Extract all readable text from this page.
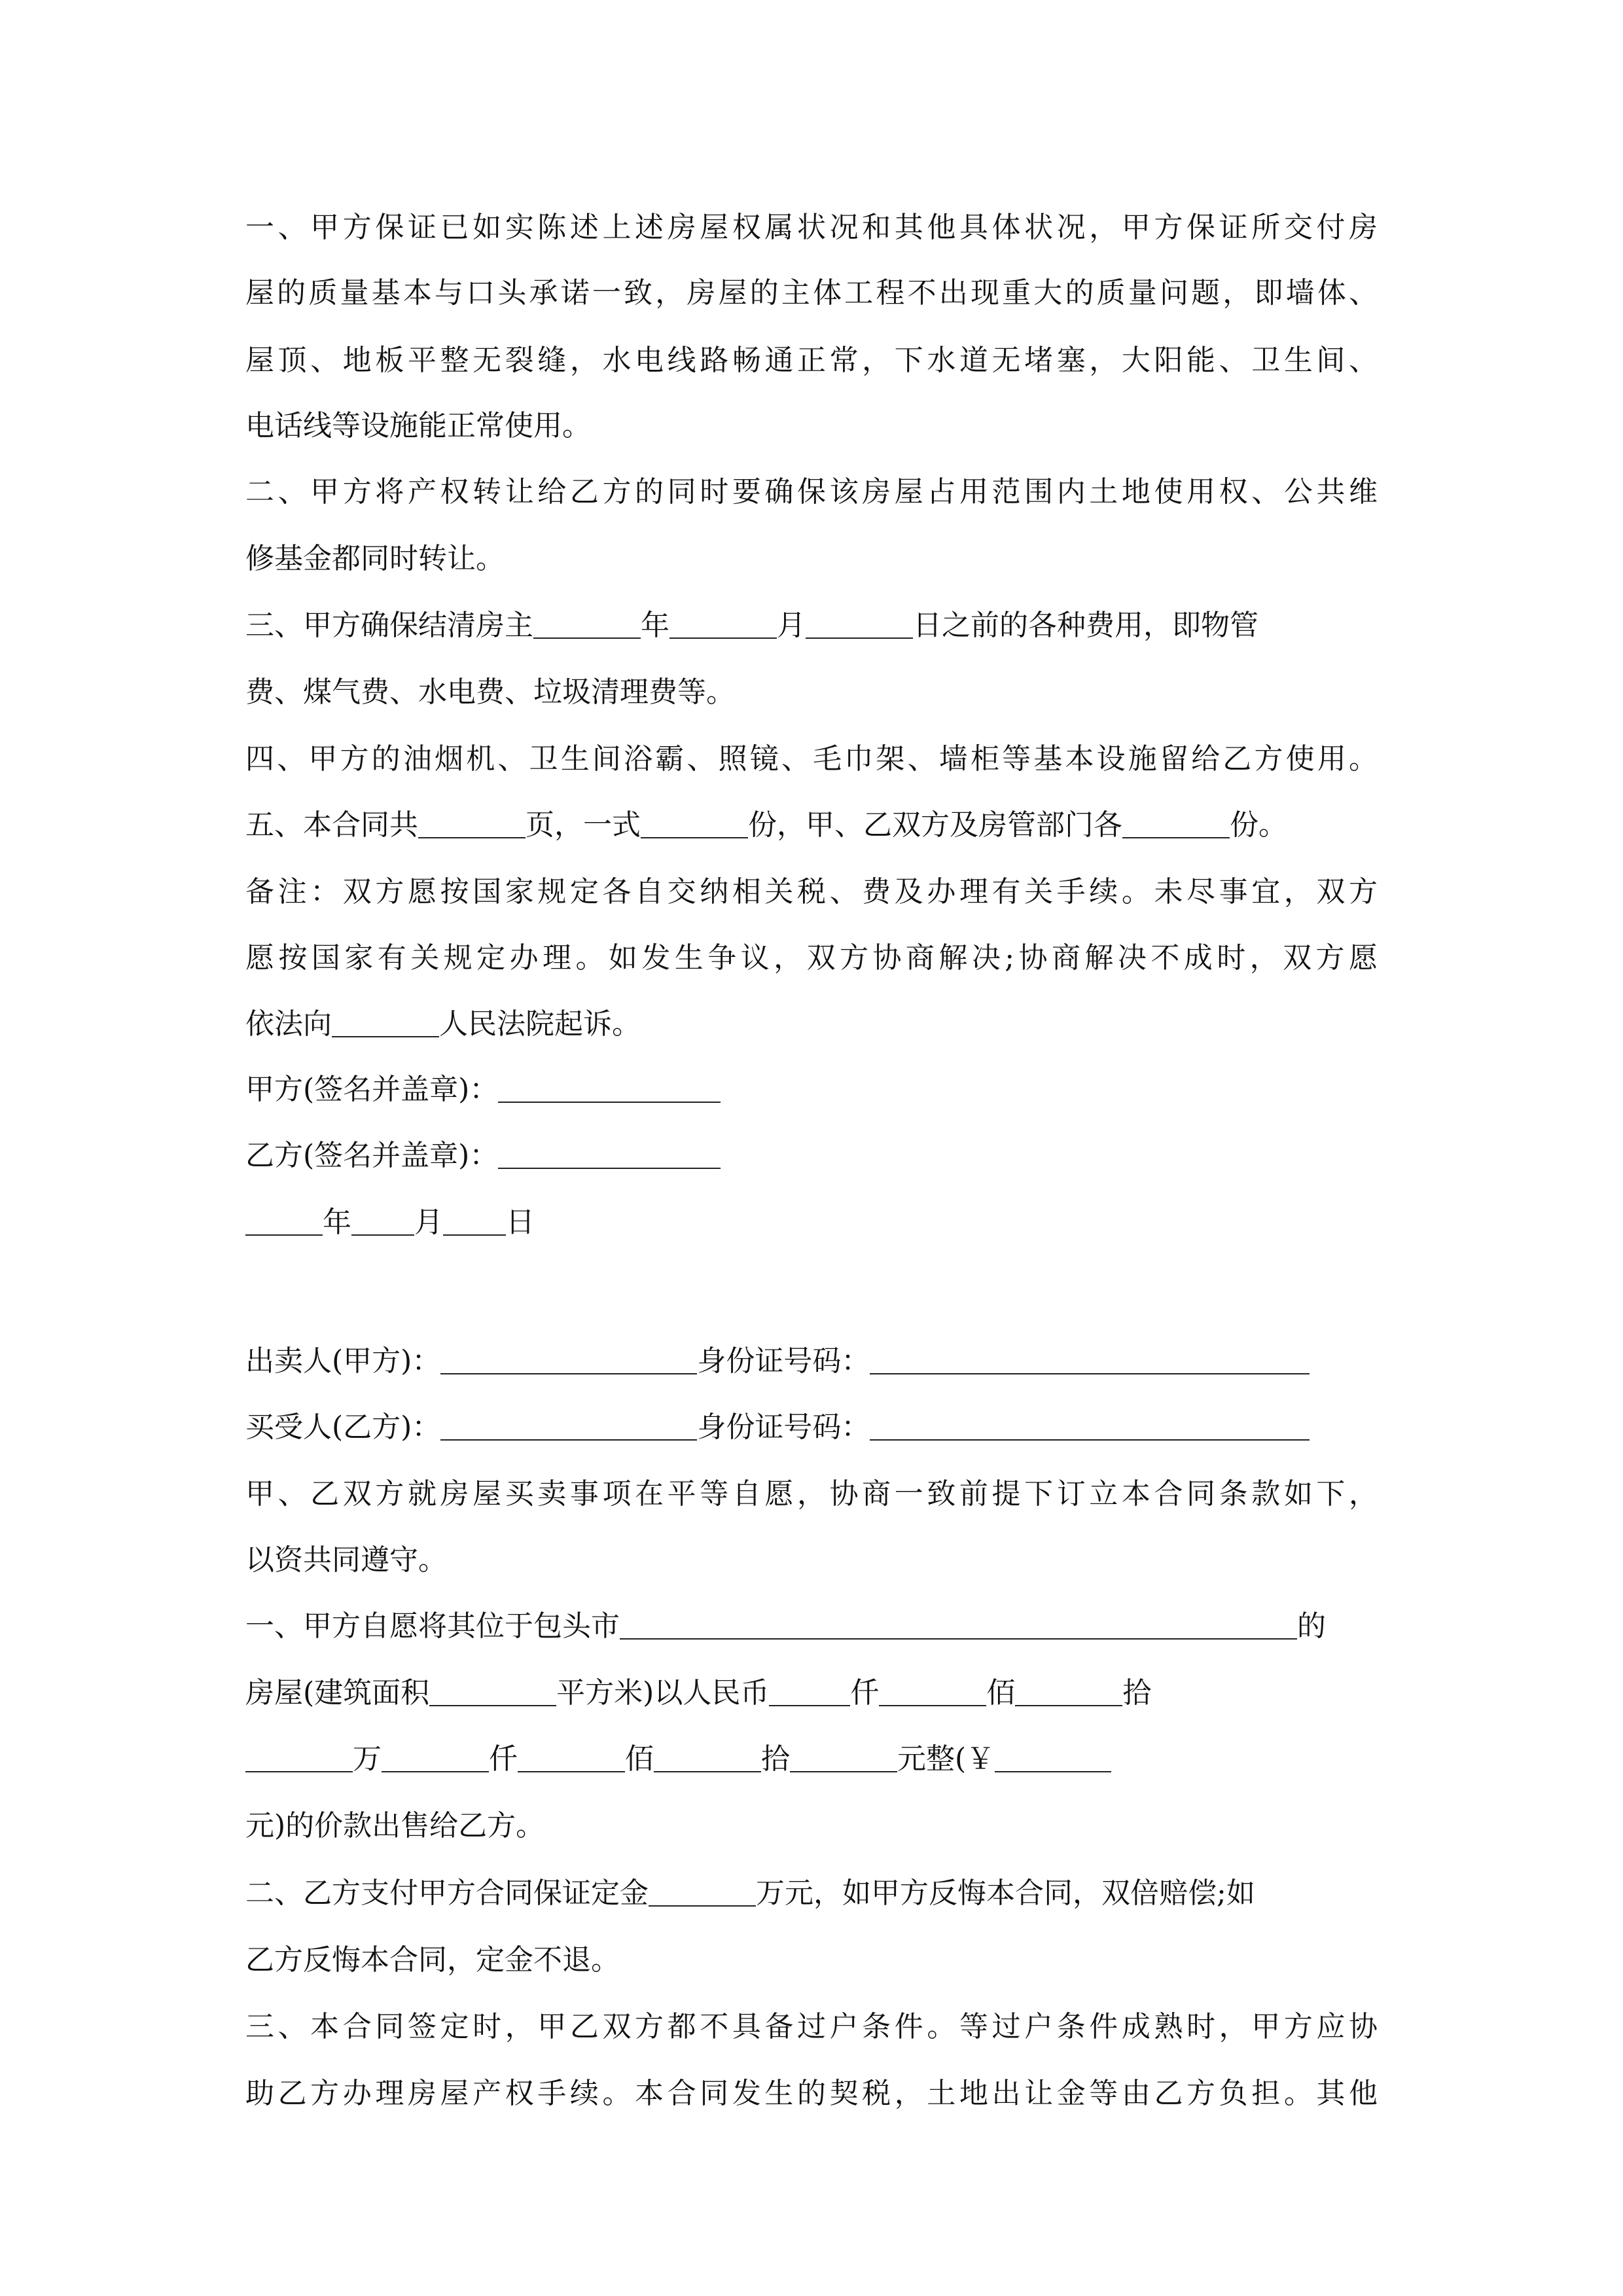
一、甲方保证已如实陈述上述房屋权属状况和其他具体状况，甲方保证所交付房
屋的质量基本与口头承诺一致，房屋的主体工程不出现重大的质量问题，即墙体、
屋顶、地板平整无裂缝，水电线路畅通正常，下水道无堵塞，大阳能、卫生间、
电话线等设施能正常使用。
二、甲方将产权转让给乙方的同时要确保该房屋占用范围内土地使用权、公共维
修基金都同时转让。
三、甲方确保结清房主	年	月	日之前的各种费用，即物管
费、煤气费、水电费、垃圾清理费等。
四、甲方的油烟机、卫生间浴霸、照镜、毛巾架、墙柜等基本设施留给乙方使用。
五、本合同共	页，一式	份，甲、乙双方及房管部门各	份。
备注：双方愿按国家规定各自交纳相关税、费及办理有关手续。未尽事宜，双方
愿按国家有关规定办理。如发生争议，双方协商解决;协商解决不成时，双方愿
依法向	人民法院起诉。
甲方(签名并盖章)：
乙方(签名并盖章)：
年 月 日
出卖人(甲方)：	身份证号码：
买受人(乙方)：	身份证号码：
甲、乙双方就房屋买卖事项在平等自愿，协商一致前提下订立本合同条款如下，
以资共同遵守。
一、甲方自愿将其位于包头市	的
房屋(建筑面积	平方米)以人民币	仟	佰	拾
万	仟	佰	拾	元整(￥
元)的价款出售给乙方。
二、乙方支付甲方合同保证定金	万元，如甲方反悔本合同，双倍赔偿;如
乙方反悔本合同，定金不退。
三、本合同签定时，甲乙双方都不具备过户条件。等过户条件成熟时，甲方应协
助乙方办理房屋产权手续。本合同发生的契税，土地出让金等由乙方负担。其他
